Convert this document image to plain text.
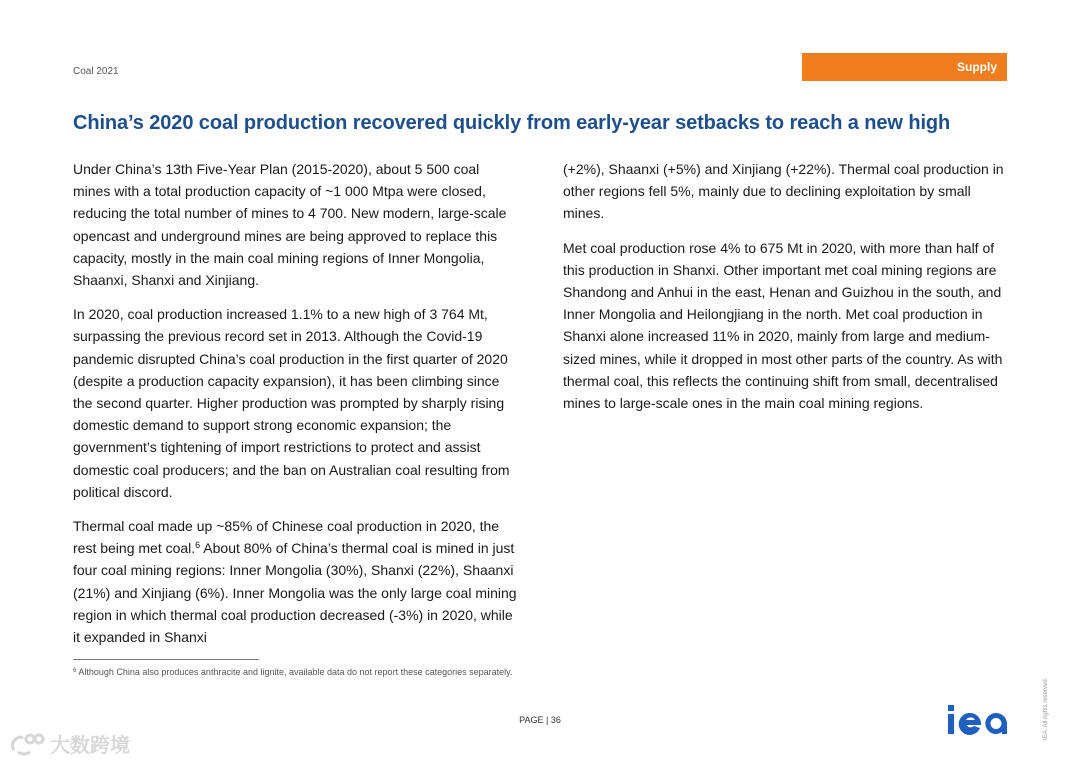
Coal 2021	Supply
China’s 2020 coal production recovered quickly from early-year setbacks to reach a new high

Under China’s 13th Five-Year Plan (2015-2020), about 5 500 coal mines with a total production capacity of ~1 000 Mtpa were closed, reducing the total number of mines to 4 700. New modern, large-scale opencast and underground mines are being approved to replace this capacity, mostly in the main coal mining regions of Inner Mongolia, Shaanxi, Shanxi and Xinjiang.

In 2020, coal production increased 1.1% to a new high of 3 764 Mt, surpassing the previous record set in 2013. Although the Covid-19 pandemic disrupted China’s coal production in the first quarter of 2020 (despite a production capacity expansion), it has been climbing since the second quarter. Higher production was prompted by sharply rising domestic demand to support strong economic expansion; the government’s tightening of import restrictions to protect and assist domestic coal producers; and the ban on Australian coal resulting from political discord.

Thermal coal made up ~85% of Chinese coal production in 2020, the rest being met coal.$^6$ About 80% of China’s thermal coal is mined in just four coal mining regions: Inner Mongolia (30%), Shanxi (22%), Shaanxi (21%) and Xinjiang (6%). Inner Mongolia was the only large coal mining region in which thermal coal production decreased (-3%) in 2020, while it expanded in Shanxi

(+2%), Shaanxi (+5%) and Xinjiang (+22%). Thermal coal production in other regions fell 5%, mainly due to declining exploitation by small mines.

Met coal production rose 4% to 675 Mt in 2020, with more than half of this production in Shanxi. Other important met coal mining regions are Shandong and Anhui in the east, Henan and Guizhou in the south, and Inner Mongolia and Heilongjiang in the north. Met coal production in Shanxi alone increased 11% in 2020, mainly from large and medium-sized mines, while it dropped in most other parts of the country. As with thermal coal, this reflects the continuing shift from small, decentralised mines to large-scale ones in the main coal mining regions.

$^6$ Although China also produces anthracite and lignite, available data do not report these categories separately.
PAGE | 36
iea	IEA. All rights reserved.
大数跨境
